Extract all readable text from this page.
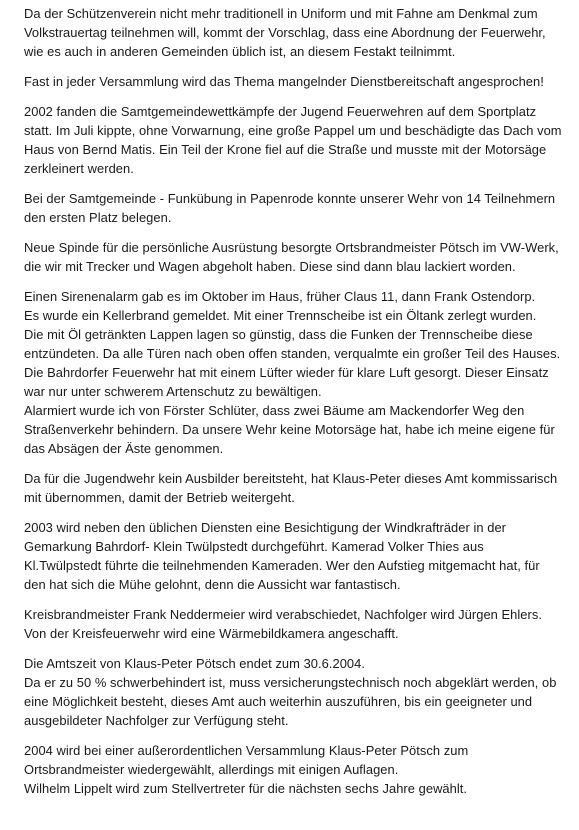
Da der Schützenverein nicht mehr traditionell in Uniform und mit Fahne am Denkmal zum
Volkstrauertag teilnehmen will, kommt der Vorschlag, dass eine Abordnung der Feuerwehr,
wie es auch in anderen Gemeinden üblich ist, an diesem Festakt teilnimmt.
Fast in jeder Versammlung wird das Thema mangelnder Dienstbereitschaft angesprochen!
2002 fanden die Samtgemeindewettkämpfe der Jugend Feuerwehren auf dem Sportplatz
statt. Im Juli kippte, ohne Vorwarnung, eine große Pappel um und beschädigte das Dach vom
Haus von Bernd Matis. Ein Teil der Krone fiel auf die Straße und musste mit der Motorsäge
zerkleinert werden.
Bei der Samtgemeinde - Funkübung in Papenrode konnte unserer Wehr von 14 Teilnehmern
den ersten Platz belegen.
Neue Spinde für die persönliche Ausrüstung besorgte Ortsbrandmeister Pötsch im VW-Werk,
die wir mit Trecker und Wagen abgeholt haben. Diese sind dann blau lackiert worden.
Einen Sirenenalarm gab es im Oktober im Haus, früher Claus 11, dann Frank Ostendorp.
Es wurde ein Kellerbrand gemeldet. Mit einer Trennscheibe ist ein Öltank zerlegt wurden.
Die mit Öl getränkten Lappen lagen so günstig, dass die Funken der Trennscheibe diese
entzündeten. Da alle Türen nach oben offen standen, verqualmte ein großer Teil des Hauses.
Die Bahrdorfer Feuerwehr hat mit einem Lüfter wieder für klare Luft gesorgt. Dieser Einsatz
war nur unter schwerem Artenschutz zu bewältigen.
Alarmiert wurde ich von Förster Schlüter, dass zwei Bäume am Mackendorfer Weg den
Straßenverkehr behindern. Da unsere Wehr keine Motorsäge hat, habe ich meine eigene für
das Absägen der Äste genommen.
Da für die Jugendwehr kein Ausbilder bereitsteht, hat Klaus-Peter dieses Amt kommissarisch
mit übernommen, damit der Betrieb weitergeht.
2003 wird neben den üblichen Diensten eine Besichtigung der Windkrafträder in der
Gemarkung Bahrdorf- Klein Twülpstedt durchgeführt. Kamerad Volker Thies aus
Kl.Twülpstedt führte die teilnehmenden Kameraden. Wer den Aufstieg mitgemacht hat, für
den hat sich die Mühe gelohnt, denn die Aussicht war fantastisch.
Kreisbrandmeister Frank Neddermeier wird verabschiedet, Nachfolger wird Jürgen Ehlers.
Von der Kreisfeuerwehr wird eine Wärmebildkamera angeschafft.
Die Amtszeit von Klaus-Peter Pötsch endet zum 30.6.2004.
Da er zu 50 % schwerbehindert ist, muss versicherungstechnisch noch abgeklärt werden, ob
eine Möglichkeit besteht, dieses Amt auch weiterhin auszuführen, bis ein geeigneter und
ausgebildeter Nachfolger zur Verfügung steht.
2004 wird bei einer außerordentlichen Versammlung Klaus-Peter Pötsch zum
Ortsbrandmeister wiedergewählt, allerdings mit einigen Auflagen.
Wilhelm Lippelt wird zum Stellvertreter für die nächsten sechs Jahre gewählt.
